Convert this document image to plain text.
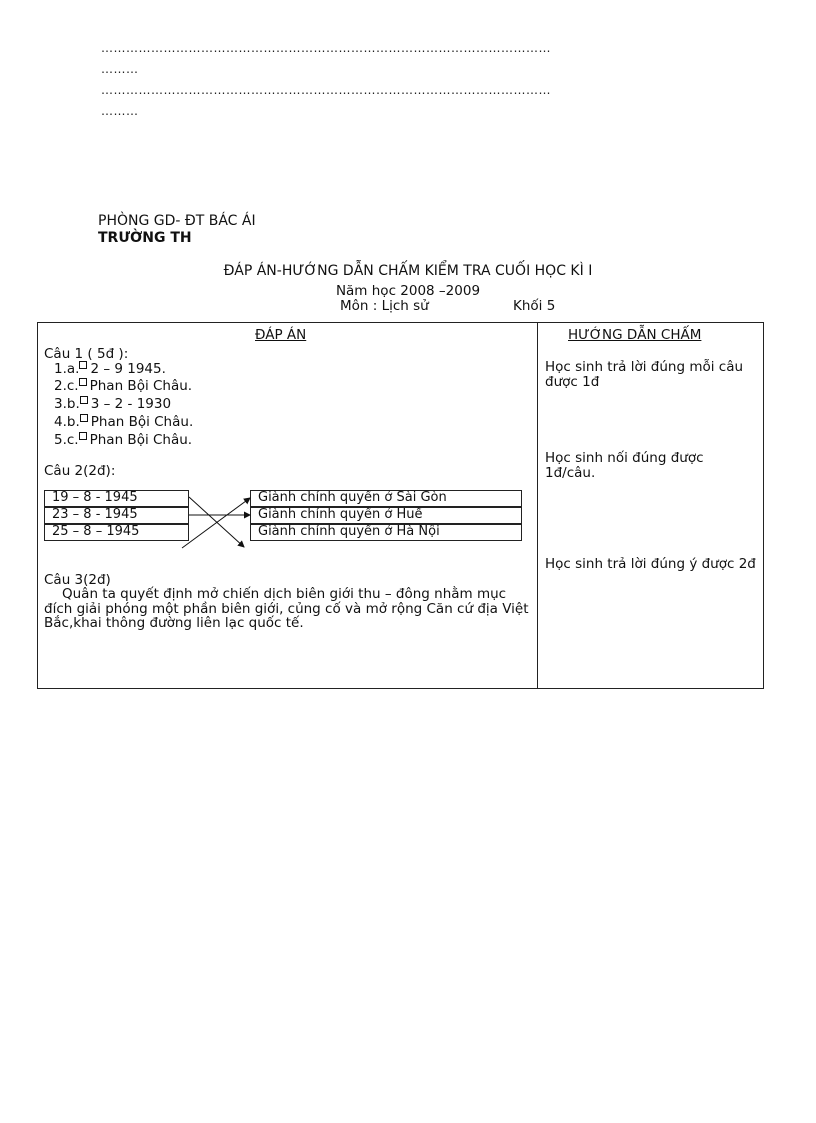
………………………………………………………………………………………………
………
………………………………………………………………………………………………
………
PHÒNG GD- ĐT BÁC ÁI
TRƯỜNG TH
ĐÁP ÁN-HƯỚNG DẪN CHẤM KIỂM TRA CUỐI HỌC KÌ I
Năm học 2008 –2009
Môn : Lịch sử	Khối 5
ĐÁP ÁN	HƯỚNG DẪN CHẤM
Câu 1 ( 5đ ):
1.a. 2 – 9 1945.
2.c. Phan Bội Châu.
3.b. 3 – 2 - 1930
4.b. Phan Bội Châu.
5.c. Phan Bội Châu.
Học sinh trả lời đúng mỗi câu được 1đ
Câu 2(2đ):
Học sinh nối đúng được 1đ/câu.
19 – 8 - 1945
23 – 8 - 1945
25 – 8 – 1945
Giành chính quyền ở Sài Gòn
Giành chính quyền ở Huế
Giành chính quyền ở Hà Nội
Câu 3(2đ)
Quân ta quyết định mở chiến dịch biên giới thu – đông nhằm mục đích giải phóng một phần biên giới, củng cố và mở rộng Căn cứ địa Việt Bắc,khai thông đường liên lạc quốc tế.
Học sinh trả lời đúng ý được 2đ
